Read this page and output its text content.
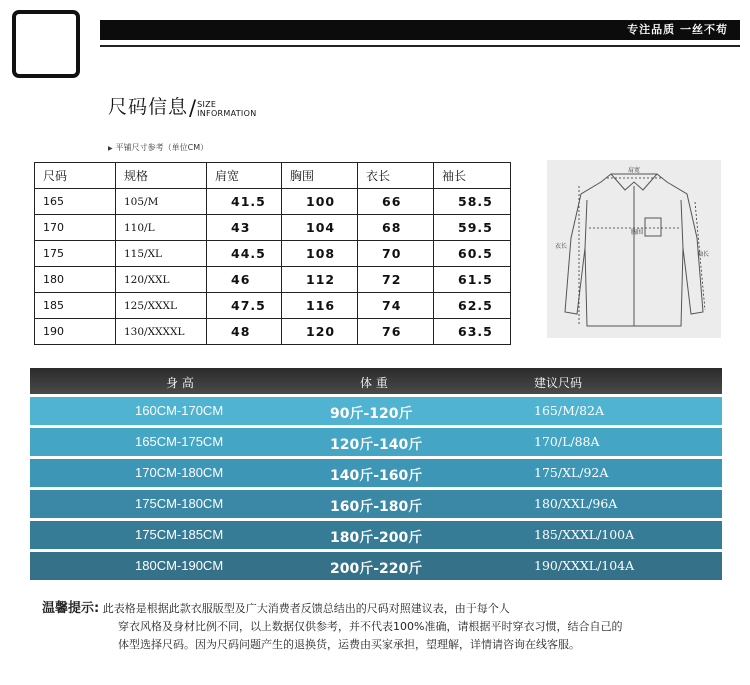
专注品质 一丝不苟
尺码信息 / SIZE
INFORMATION
▶ 平铺尺寸参考（单位CM）
尺码	规格	肩宽	胸围	衣长	袖长
165	105/M	41.5	100	66	58.5
170	110/L	43	104	68	59.5
175	115/XL	44.5	108	70	60.5
180	120/XXL	46	112	72	61.5
185	125/XXXL	47.5	116	74	62.5
190	130/XXXXL	48	120	76	63.5
肩宽
胸围
衣长
袖长
身 高	体 重	建议尺码
160CM-170CM	90斤-120斤	165/M/82A
165CM-175CM	120斤-140斤	170/L/88A
170CM-180CM	140斤-160斤	175/XL/92A
175CM-180CM	160斤-180斤	180/XXL/96A
175CM-185CM	180斤-200斤	185/XXXL/100A
180CM-190CM	200斤-220斤	190/XXXL/104A
温馨提示: 此表格是根据此款衣服版型及广大消费者反馈总结出的尺码对照建议表，由于每个人
穿衣风格及身材比例不同，以上数据仅供参考，并不代表100%准确，请根据平时穿衣习惯，结合自己的
体型选择尺码。因为尺码问题产生的退换货，运费由买家承担，望理解，详情请咨询在线客服。
